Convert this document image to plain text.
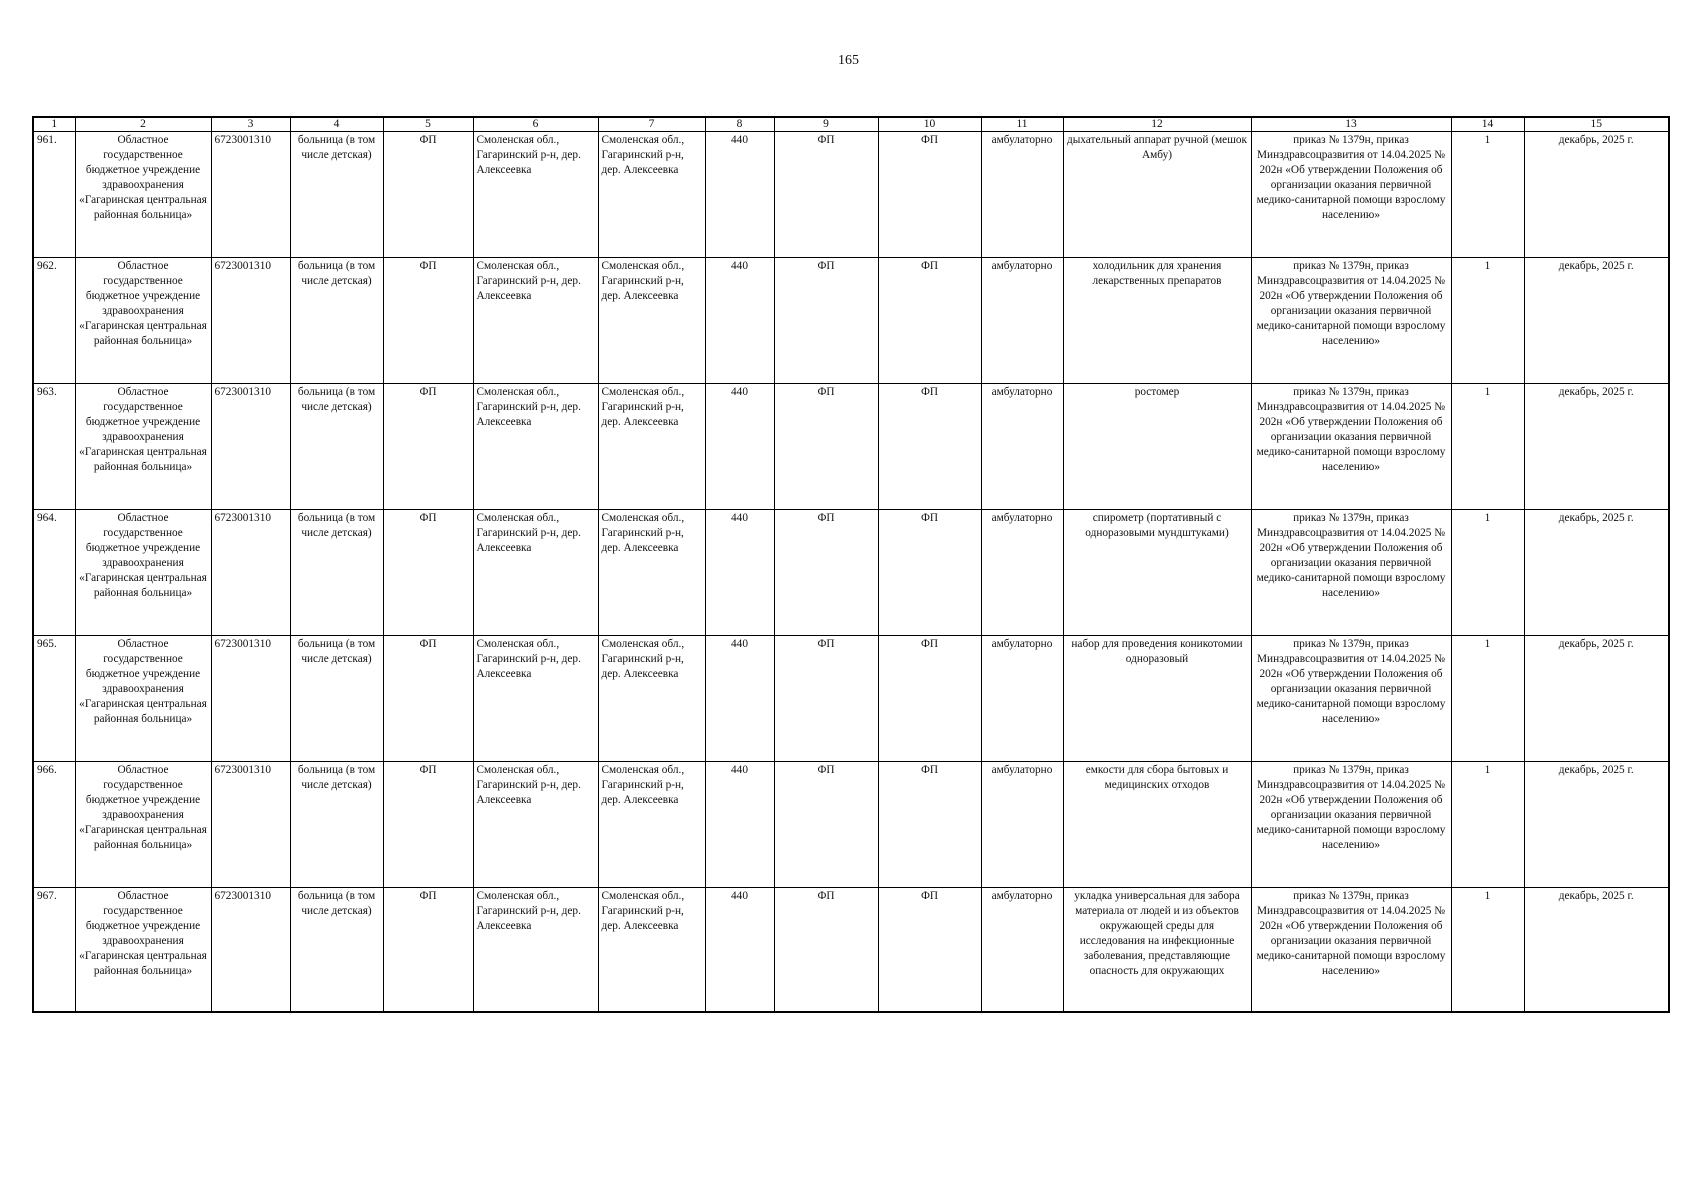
165
1	2	3	4	5	6	7	8	9	10	11	12	13	14	15
961.	Областное государственное бюджетное учреждение здравоохранения «Гагаринская центральная районная больница»	6723001310	больница (в том числе детская)	ФП	Смоленская обл., Гагаринский р-н, дер. Алексеевка	Смоленская обл., Гагаринский р-н, дер. Алексеевка	440	ФП	ФП	амбулаторно	дыхательный аппарат ручной (мешок Амбу)	приказ № 1379н, приказ Минздравсоцразвития от 14.04.2025 № 202н «Об утверждении Положения об организации оказания первичной медико-санитарной помощи взрослому населению»	1	декабрь, 2025 г.
962.	Областное государственное бюджетное учреждение здравоохранения «Гагаринская центральная районная больница»	6723001310	больница (в том числе детская)	ФП	Смоленская обл., Гагаринский р-н, дер. Алексеевка	Смоленская обл., Гагаринский р-н, дер. Алексеевка	440	ФП	ФП	амбулаторно	холодильник для хранения лекарственных препаратов	приказ № 1379н, приказ Минздравсоцразвития от 14.04.2025 № 202н «Об утверждении Положения об организации оказания первичной медико-санитарной помощи взрослому населению»	1	декабрь, 2025 г.
963.	Областное государственное бюджетное учреждение здравоохранения «Гагаринская центральная районная больница»	6723001310	больница (в том числе детская)	ФП	Смоленская обл., Гагаринский р-н, дер. Алексеевка	Смоленская обл., Гагаринский р-н, дер. Алексеевка	440	ФП	ФП	амбулаторно	ростомер	приказ № 1379н, приказ Минздравсоцразвития от 14.04.2025 № 202н «Об утверждении Положения об организации оказания первичной медико-санитарной помощи взрослому населению»	1	декабрь, 2025 г.
964.	Областное государственное бюджетное учреждение здравоохранения «Гагаринская центральная районная больница»	6723001310	больница (в том числе детская)	ФП	Смоленская обл., Гагаринский р-н, дер. Алексеевка	Смоленская обл., Гагаринский р-н, дер. Алексеевка	440	ФП	ФП	амбулаторно	спирометр (портативный с одноразовыми мундштуками)	приказ № 1379н, приказ Минздравсоцразвития от 14.04.2025 № 202н «Об утверждении Положения об организации оказания первичной медико-санитарной помощи взрослому населению»	1	декабрь, 2025 г.
965.	Областное государственное бюджетное учреждение здравоохранения «Гагаринская центральная районная больница»	6723001310	больница (в том числе детская)	ФП	Смоленская обл., Гагаринский р-н, дер. Алексеевка	Смоленская обл., Гагаринский р-н, дер. Алексеевка	440	ФП	ФП	амбулаторно	набор для проведения коникотомии одноразовый	приказ № 1379н, приказ Минздравсоцразвития от 14.04.2025 № 202н «Об утверждении Положения об организации оказания первичной медико-санитарной помощи взрослому населению»	1	декабрь, 2025 г.
966.	Областное государственное бюджетное учреждение здравоохранения «Гагаринская центральная районная больница»	6723001310	больница (в том числе детская)	ФП	Смоленская обл., Гагаринский р-н, дер. Алексеевка	Смоленская обл., Гагаринский р-н, дер. Алексеевка	440	ФП	ФП	амбулаторно	емкости для сбора бытовых и медицинских отходов	приказ № 1379н, приказ Минздравсоцразвития от 14.04.2025 № 202н «Об утверждении Положения об организации оказания первичной медико-санитарной помощи взрослому населению»	1	декабрь, 2025 г.
967.	Областное государственное бюджетное учреждение здравоохранения «Гагаринская центральная районная больница»	6723001310	больница (в том числе детская)	ФП	Смоленская обл., Гагаринский р-н, дер. Алексеевка	Смоленская обл., Гагаринский р-н, дер. Алексеевка	440	ФП	ФП	амбулаторно	укладка универсальная для забора материала от людей и из объектов окружающей среды для исследования на инфекционные заболевания, представляющие опасность для окружающих	приказ № 1379н, приказ Минздравсоцразвития от 14.04.2025 № 202н «Об утверждении Положения об организации оказания первичной медико-санитарной помощи взрослому населению»	1	декабрь, 2025 г.
